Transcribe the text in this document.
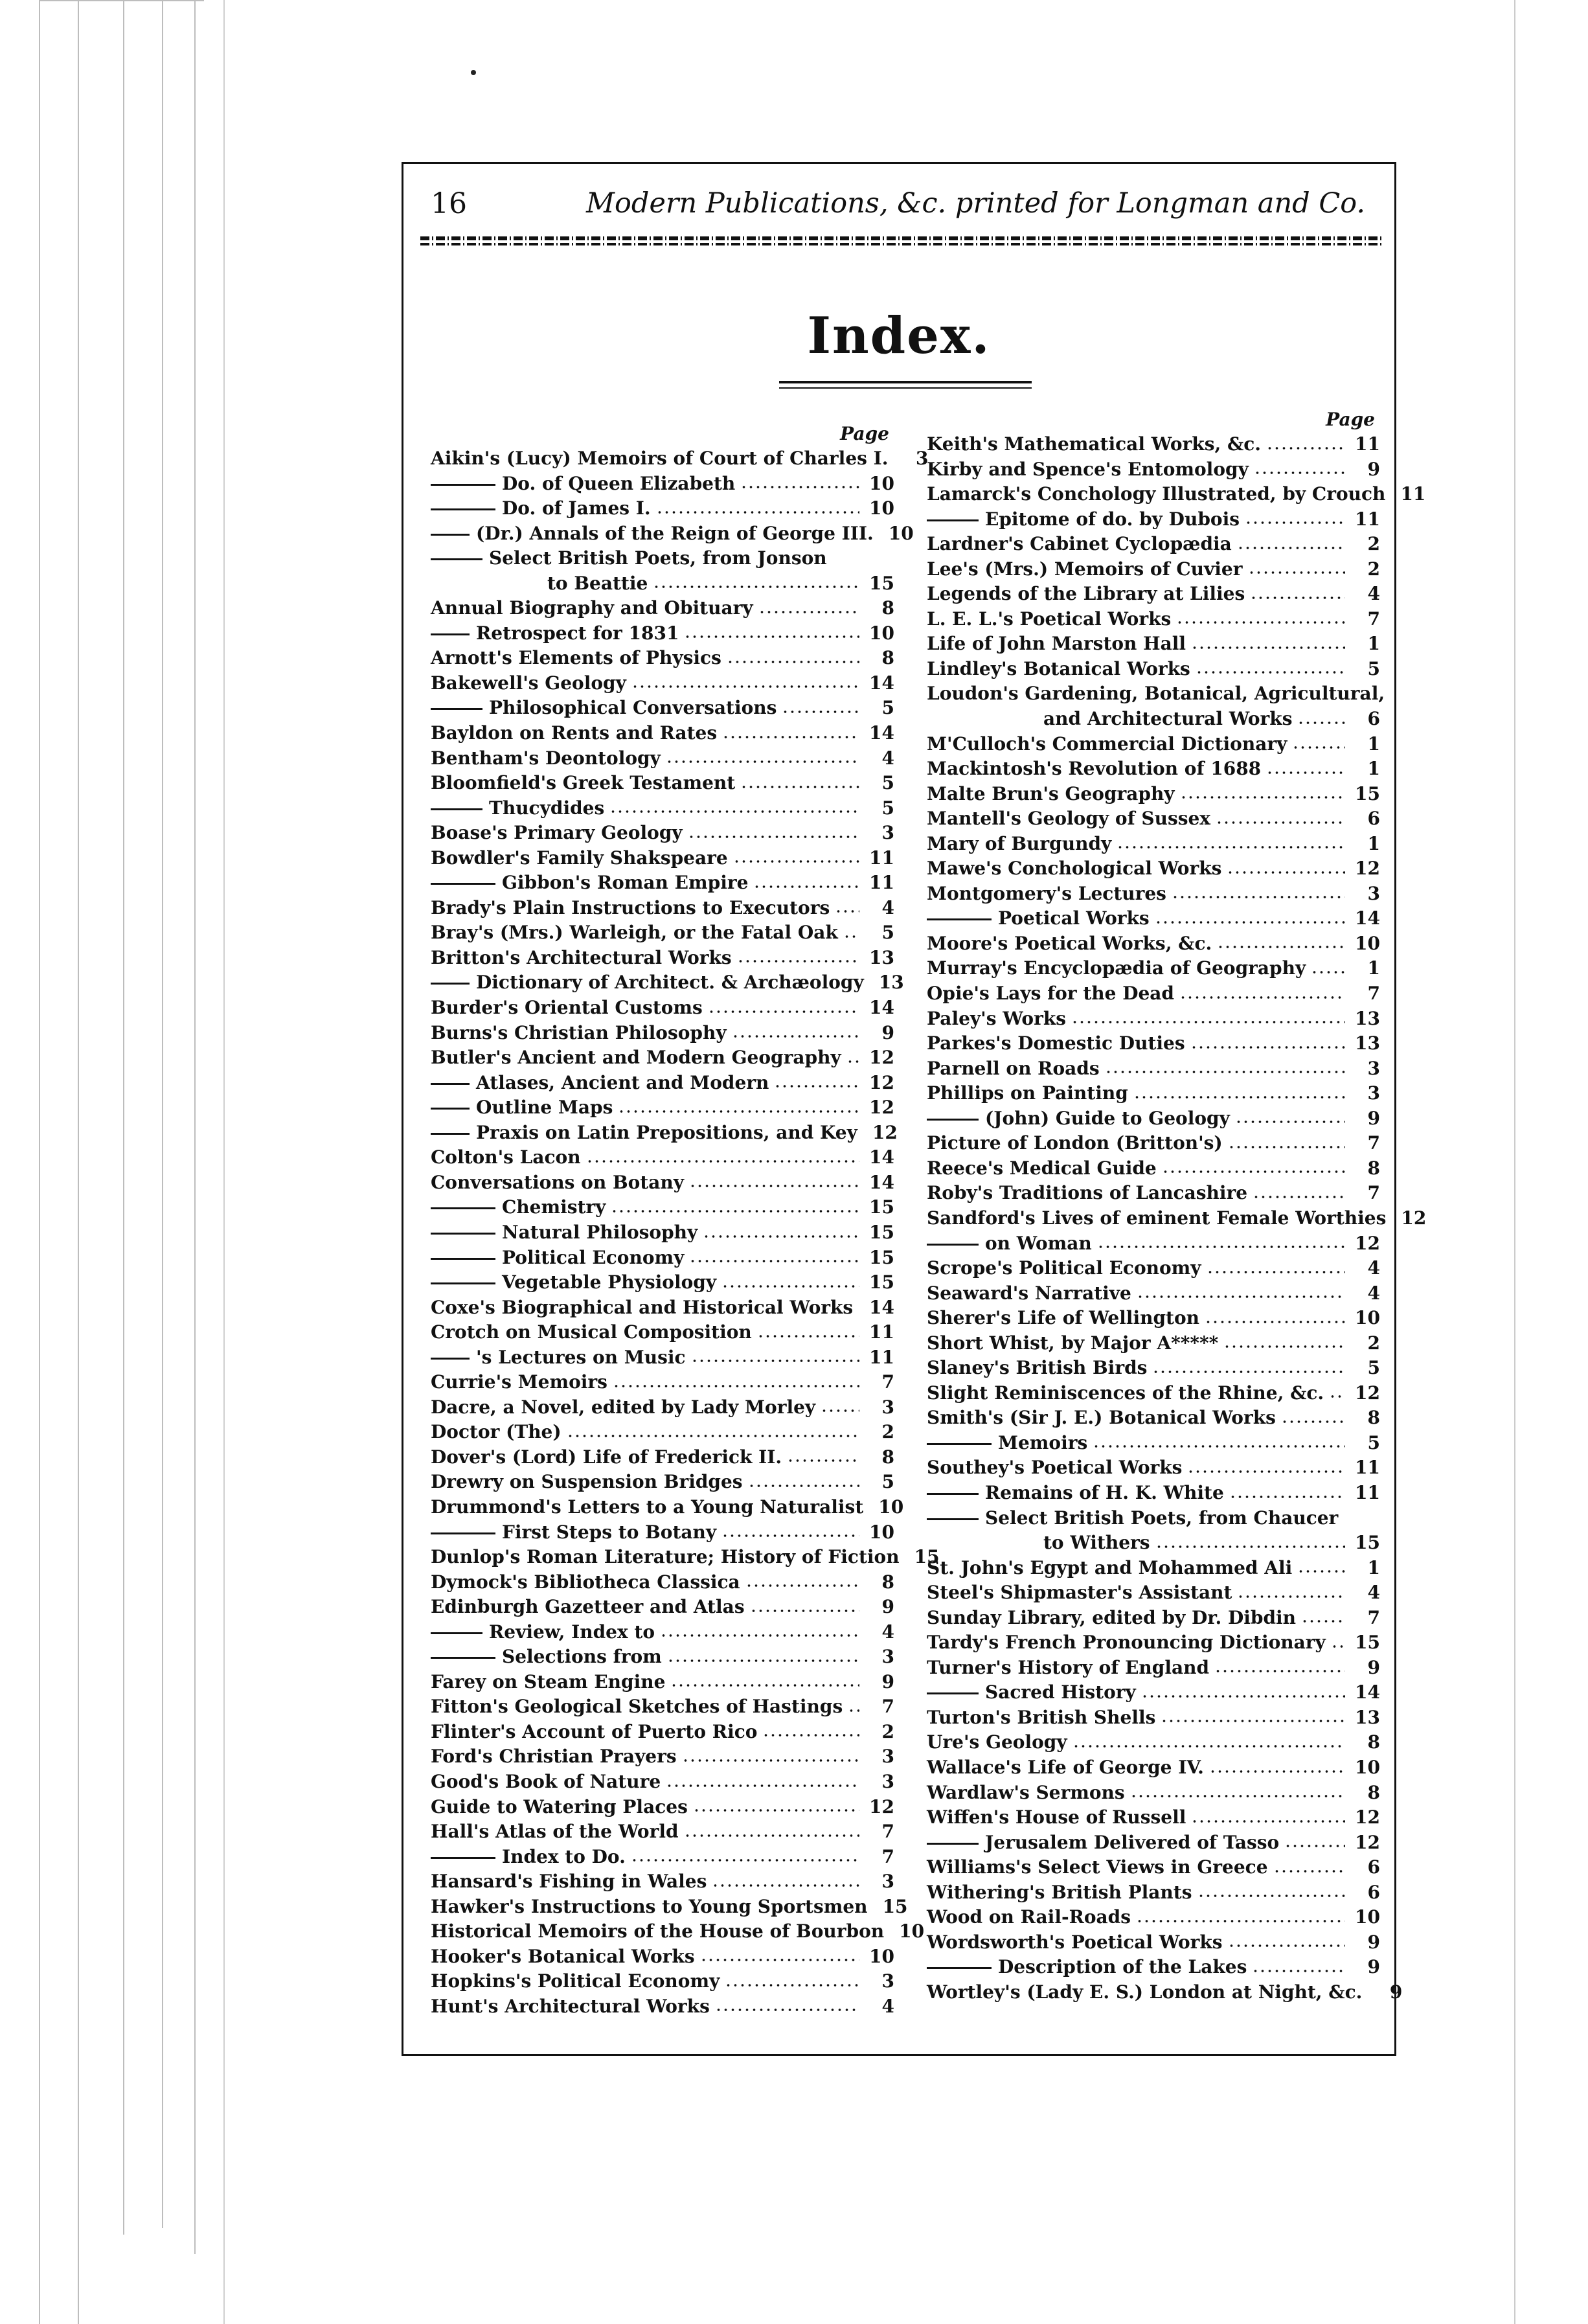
16	Modern Publications, &c. printed for Longman and Co.
Index.
Page
Aikin's (Lucy) Memoirs of Court of Charles I.	3
Do. of Queen Elizabeth	10
Do. of James I.	10
(Dr.) Annals of the Reign of George III. 10
Select British Poets, from Jonson
to Beattie	15
Annual Biography and Obituary	8
Retrospect for 1831	10
Arnott's Elements of Physics	8
Bakewell's Geology	14
Philosophical Conversations	5
Bayldon on Rents and Rates	14
Bentham's Deontology	4
Bloomfield's Greek Testament	5
Thucydides	5
Boase's Primary Geology	3
Bowdler's Family Shakspeare	11
Gibbon's Roman Empire	11
Brady's Plain Instructions to Executors	4
Bray's (Mrs.) Warleigh, or the Fatal Oak	5
Britton's Architectural Works	13
Dictionary of Architect. & Archæology 13
Burder's Oriental Customs	14
Burns's Christian Philosophy	9
Butler's Ancient and Modern Geography 12
Atlases, Ancient and Modern	12
Outline Maps	12
Praxis on Latin Prepositions, and Key 12
Colton's Lacon	14
Conversations on Botany	14
Chemistry	15
Natural Philosophy	15
Political Economy	15
Vegetable Physiology	15
Coxe's Biographical and Historical Works 14
Crotch on Musical Composition	11
's Lectures on Music	11
Currie's Memoirs	7
Dacre, a Novel, edited by Lady Morley	3
Doctor (The)	2
Dover's (Lord) Life of Frederick II.	8
Drewry on Suspension Bridges	5
Drummond's Letters to a Young Naturalist 10
First Steps to Botany	10
Dunlop's Roman Literature; History of Fiction 15
Dymock's Bibliotheca Classica	8
Edinburgh Gazetteer and Atlas	9
Review, Index to	4
Selections from	3
Farey on Steam Engine	9
Fitton's Geological Sketches of Hastings	7
Flinter's Account of Puerto Rico	2
Ford's Christian Prayers	3
Good's Book of Nature	3
Guide to Watering Places	12
Hall's Atlas of the World	7
Index to Do.	7
Hansard's Fishing in Wales	3
Hawker's Instructions to Young Sportsmen 15
Historical Memoirs of the House of Bourbon 10
Hooker's Botanical Works	10
Hopkins's Political Economy	3
Hunt's Architectural Works	4
Page
Keith's Mathematical Works, &c.	11
Kirby and Spence's Entomology	9
Lamarck's Conchology Illustrated, by Crouch 11
Epitome of do. by Dubois	11
Lardner's Cabinet Cyclopædia	2
Lee's (Mrs.) Memoirs of Cuvier	2
Legends of the Library at Lilies	4
L. E. L.'s Poetical Works	7
Life of John Marston Hall	1
Lindley's Botanical Works	5
Loudon's Gardening, Botanical, Agricultural,
and Architectural Works	6
M'Culloch's Commercial Dictionary	1
Mackintosh's Revolution of 1688	1
Malte Brun's Geography	15
Mantell's Geology of Sussex	6
Mary of Burgundy	1
Mawe's Conchological Works	12
Montgomery's Lectures	3
Poetical Works	14
Moore's Poetical Works, &c.	10
Murray's Encyclopædia of Geography	1
Opie's Lays for the Dead	7
Paley's Works	13
Parkes's Domestic Duties	13
Parnell on Roads	3
Phillips on Painting	3
(John) Guide to Geology	9
Picture of London (Britton's)	7
Reece's Medical Guide	8
Roby's Traditions of Lancashire	7
Sandford's Lives of eminent Female Worthies 12
on Woman	12
Scrope's Political Economy	4
Seaward's Narrative	4
Sherer's Life of Wellington	10
Short Whist, by Major A*****	2
Slaney's British Birds	5
Slight Reminiscences of the Rhine, &c. 12
Smith's (Sir J. E.) Botanical Works	8
Memoirs	5
Southey's Poetical Works	11
Remains of H. K. White	11
Select British Poets, from Chaucer
to Withers	15
St. John's Egypt and Mohammed Ali	1
Steel's Shipmaster's Assistant	4
Sunday Library, edited by Dr. Dibdin	7
Tardy's French Pronouncing Dictionary 15
Turner's History of England	9
Sacred History	14
Turton's British Shells	13
Ure's Geology	8
Wallace's Life of George IV.	10
Wardlaw's Sermons	8
Wiffen's House of Russell	12
Jerusalem Delivered of Tasso	12
Williams's Select Views in Greece	6
Withering's British Plants	6
Wood on Rail-Roads	10
Wordsworth's Poetical Works	9
Description of the Lakes	9
Wortley's (Lady E. S.) London at Night, &c.	9
